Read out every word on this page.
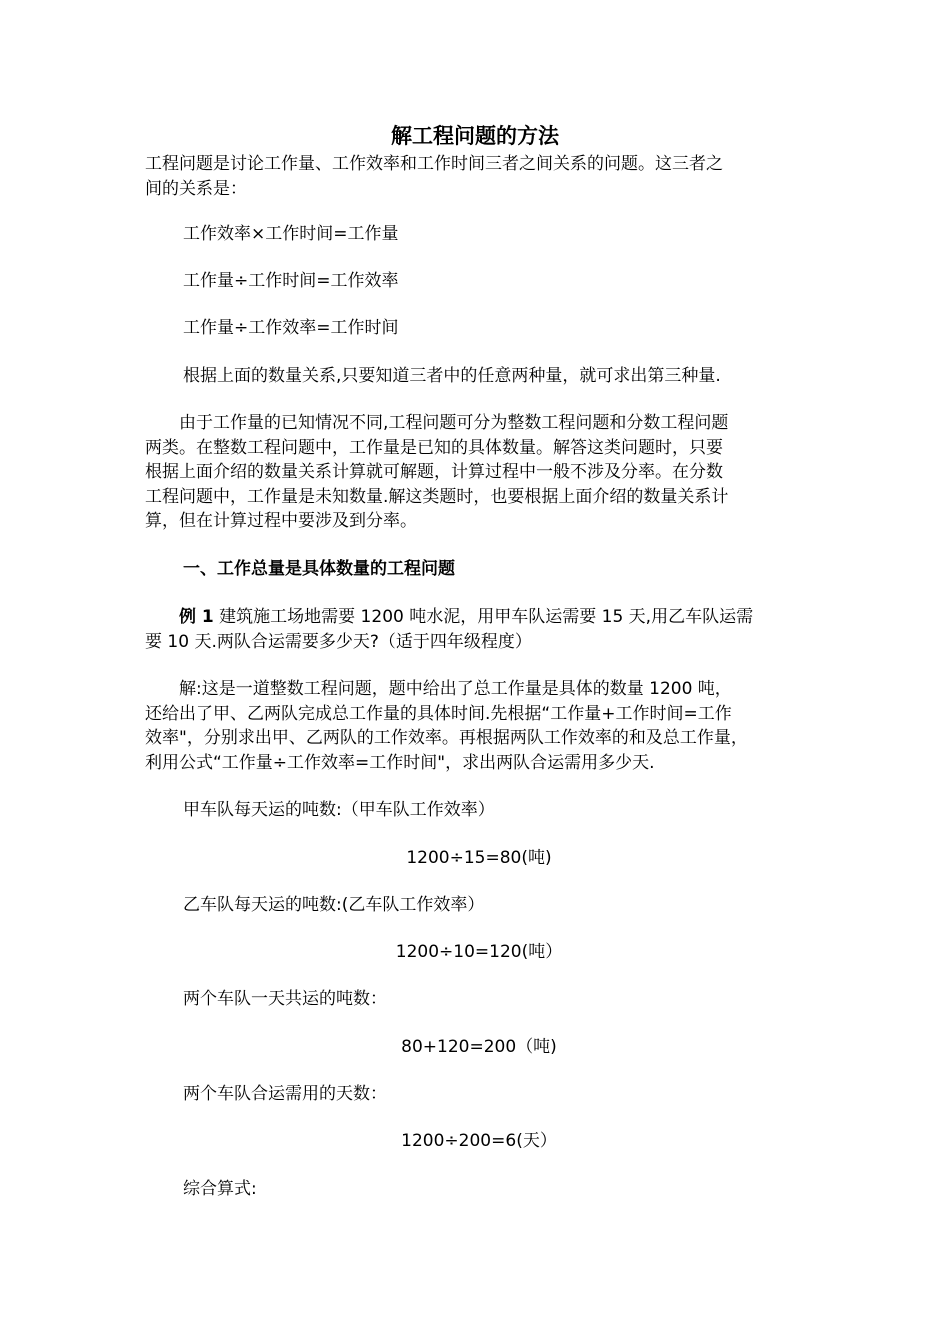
解工程问题的方法
工程问题是讨论工作量、工作效率和工作时间三者之间关系的问题。这三者之
间的关系是：
工作效率×工作时间=工作量
工作量÷工作时间=工作效率
工作量÷工作效率=工作时间
根据上面的数量关系,只要知道三者中的任意两种量，就可求出第三种量.
　　由于工作量的已知情况不同,工程问题可分为整数工程问题和分数工程问题
两类。在整数工程问题中，工作量是已知的具体数量。解答这类问题时，只要
根据上面介绍的数量关系计算就可解题，计算过程中一般不涉及分率。在分数
工程问题中，工作量是未知数量.解这类题时，也要根据上面介绍的数量关系计
算，但在计算过程中要涉及到分率。
一、工作总量是具体数量的工程问题
　　例 1 建筑施工场地需要 1200 吨水泥，用甲车队运需要 15 天,用乙车队运需
要 10 天.两队合运需要多少天?（适于四年级程度）
　　解:这是一道整数工程问题，题中给出了总工作量是具体的数量 1200 吨，
还给出了甲、乙两队完成总工作量的具体时间.先根据“工作量+工作时间=工作
效率"，分别求出甲、乙两队的工作效率。再根据两队工作效率的和及总工作量，
利用公式“工作量÷工作效率=工作时间"，求出两队合运需用多少天.
甲车队每天运的吨数:（甲车队工作效率）
1200÷15=80(吨)
乙车队每天运的吨数:(乙车队工作效率）
1200÷10=120(吨）
两个车队一天共运的吨数：
80+120=200（吨)
两个车队合运需用的天数：
1200÷200=6(天）
综合算式:
